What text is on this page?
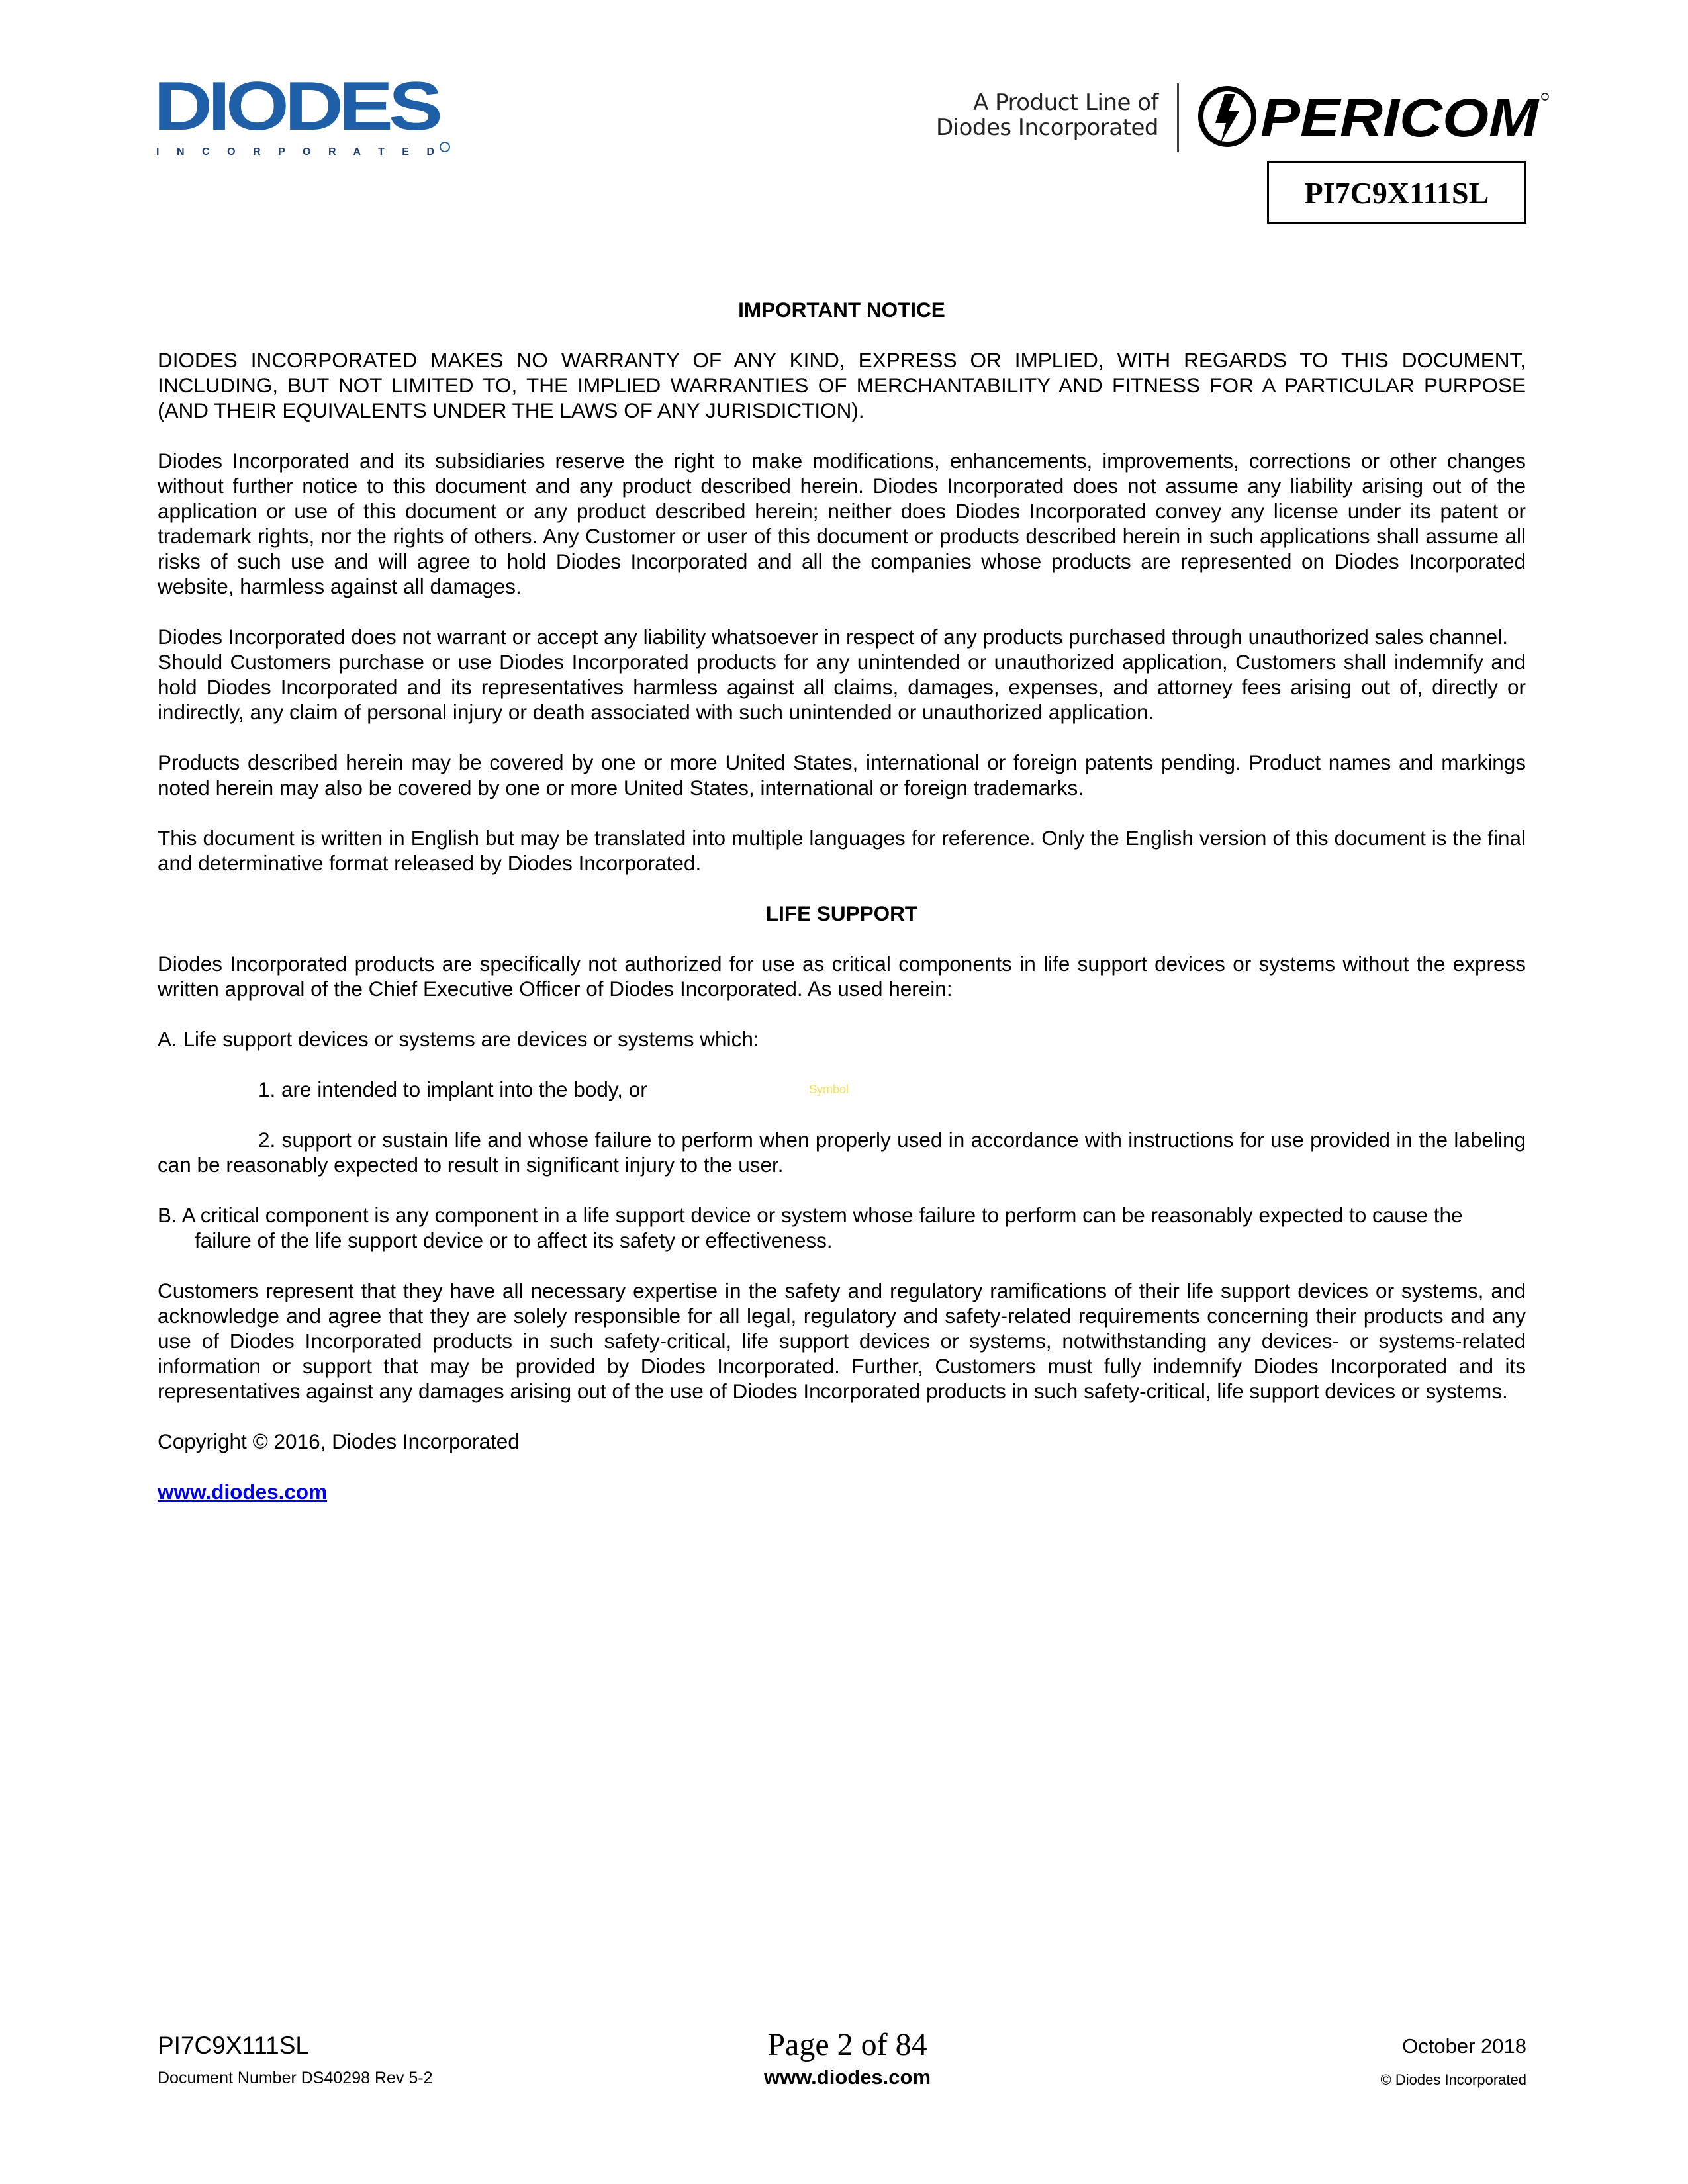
DIODES
I N C O R P O R A T E D
A Product Line of
Diodes Incorporated PERICOM
PI7C9X111SL

IMPORTANT NOTICE

DIODES INCORPORATED MAKES NO WARRANTY OF ANY KIND, EXPRESS OR IMPLIED, WITH REGARDS TO THIS DOCUMENT, INCLUDING, BUT NOT LIMITED TO, THE IMPLIED WARRANTIES OF MERCHANTABILITY AND FITNESS FOR A PARTICULAR PURPOSE (AND THEIR EQUIVALENTS UNDER THE LAWS OF ANY JURISDICTION).

Diodes Incorporated and its subsidiaries reserve the right to make modifications, enhancements, improvements, corrections or other changes without further notice to this document and any product described herein. Diodes Incorporated does not assume any liability arising out of the application or use of this document or any product described herein; neither does Diodes Incorporated convey any license under its patent or trademark rights, nor the rights of others. Any Customer or user of this document or products described herein in such applications shall assume all risks of such use and will agree to hold Diodes Incorporated and all the companies whose products are represented on Diodes Incorporated website, harmless against all damages.

Diodes Incorporated does not warrant or accept any liability whatsoever in respect of any products purchased through unauthorized sales channel.

Should Customers purchase or use Diodes Incorporated products for any unintended or unauthorized application, Customers shall indemnify and hold Diodes Incorporated and its representatives harmless against all claims, damages, expenses, and attorney fees arising out of, directly or indirectly, any claim of personal injury or death associated with such unintended or unauthorized application.

Products described herein may be covered by one or more United States, international or foreign patents pending. Product names and markings noted herein may also be covered by one or more United States, international or foreign trademarks.

This document is written in English but may be translated into multiple languages for reference. Only the English version of this document is the final and determinative format released by Diodes Incorporated.

LIFE SUPPORT

Diodes Incorporated products are specifically not authorized for use as critical components in life support devices or systems without the express written approval of the Chief Executive Officer of Diodes Incorporated. As used herein:

A. Life support devices or systems are devices or systems which:

1. are intended to implant into the body, or

2. support or sustain life and whose failure to perform when properly used in accordance with instructions for use provided in the labeling can be reasonably expected to result in significant injury to the user.

B. A critical component is any component in a life support device or system whose failure to perform can be reasonably expected to cause the

failure of the life support device or to affect its safety or effectiveness.

Customers represent that they have all necessary expertise in the safety and regulatory ramifications of their life support devices or systems, and acknowledge and agree that they are solely responsible for all legal, regulatory and safety-related requirements concerning their products and any use of Diodes Incorporated products in such safety-critical, life support devices or systems, notwithstanding any devices- or systems-related information or support that may be provided by Diodes Incorporated. Further, Customers must fully indemnify Diodes Incorporated and its representatives against any damages arising out of the use of Diodes Incorporated products in such safety-critical, life support devices or systems.

Copyright © 2016, Diodes Incorporated

www.diodes.com

Symbol
PI7C9X111SL	Page 2 of 84	October 2018
Document Number DS40298 Rev 5-2	www.diodes.com	© Diodes Incorporated
